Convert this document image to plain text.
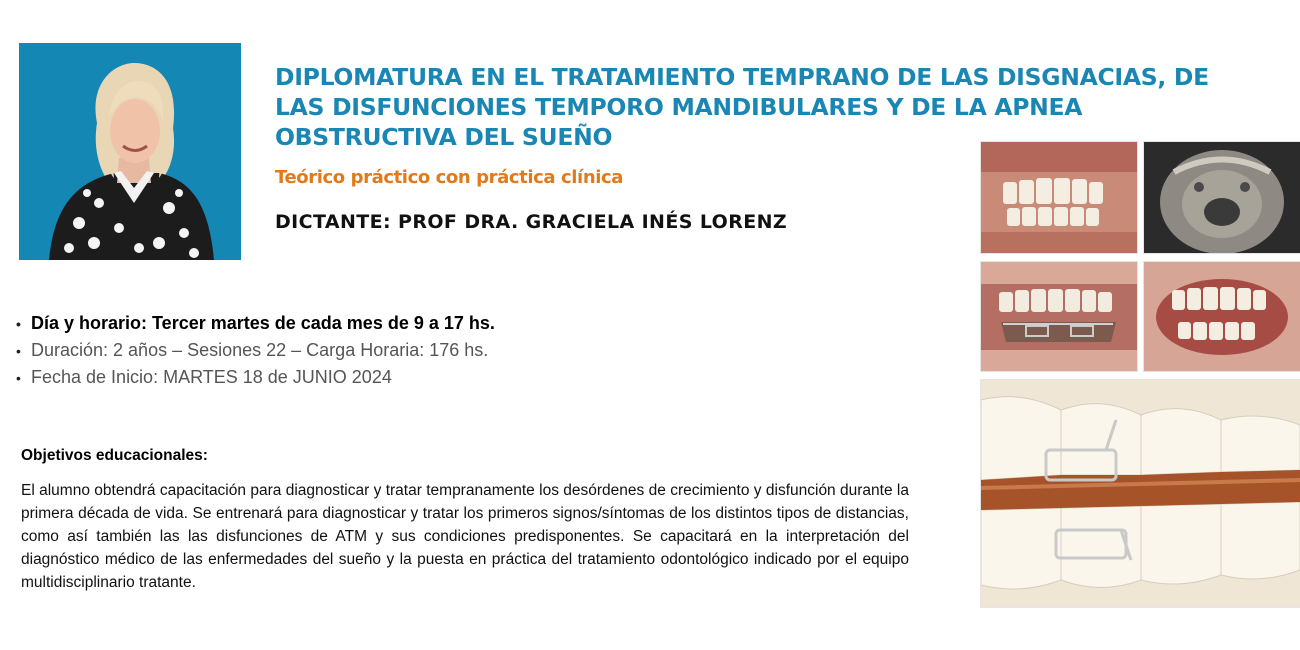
DIPLOMATURA EN EL TRATAMIENTO TEMPRANO DE LAS DISGNACIAS, DE LAS DISFUNCIONES TEMPORO MANDIBULARES Y DE LA APNEA OBSTRUCTIVA DEL SUEÑO
Teórico práctico con práctica clínica
DICTANTE: PROF DRA. GRACIELA INÉS LORENZ
• Día y horario: Tercer martes de cada mes de 9 a 17 hs.
• Duración: 2 años – Sesiones 22 – Carga Horaria: 176 hs.
• Fecha de Inicio: MARTES 18 de JUNIO 2024
Objetivos educacionales:

El alumno obtendrá capacitación para diagnosticar y tratar tempranamente los desórdenes de crecimiento y disfunción durante la primera década de vida. Se entrenará para diagnosticar y tratar los primeros signos/síntomas de los distintos tipos de distancias, como así también las las disfunciones de ATM y sus condiciones predisponentes. Se capacitará en la interpretación del diagnóstico médico de las enfermedades del sueño y la puesta en práctica del tratamiento odontológico indicado por el equipo multidisciplinario tratante.
